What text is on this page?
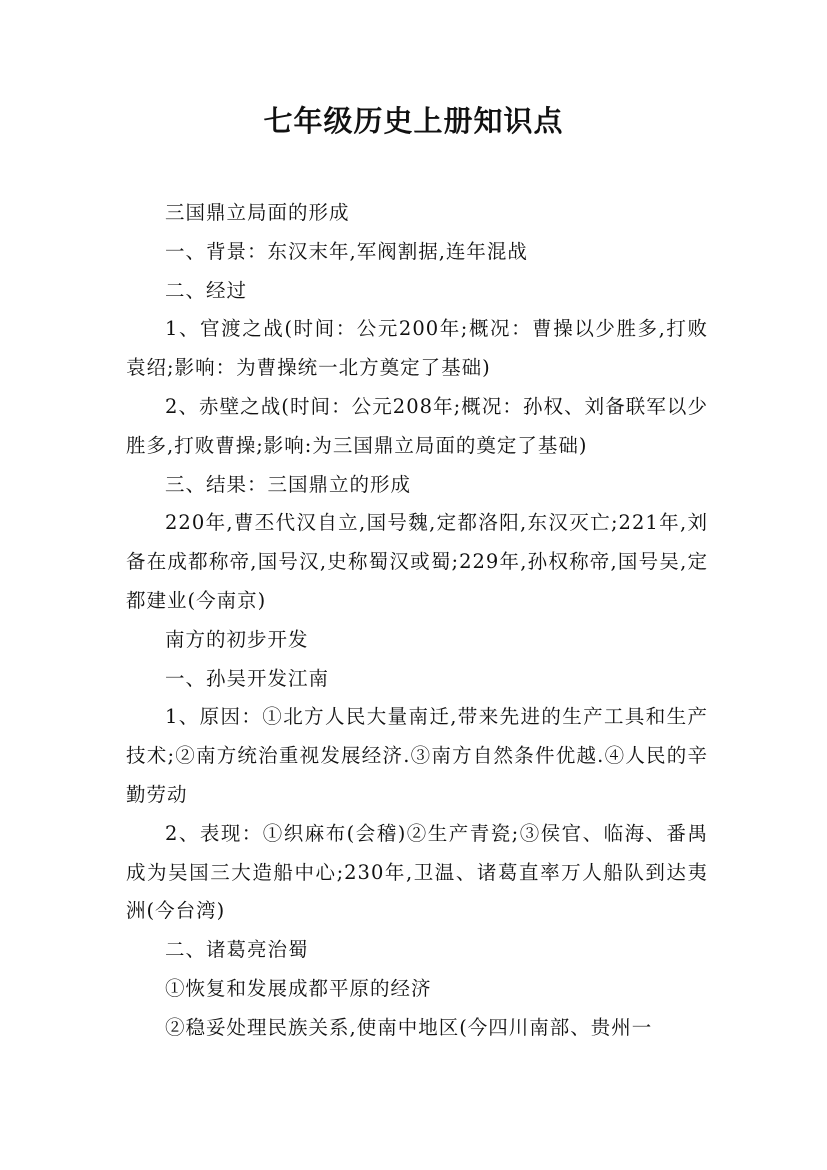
七年级历史上册知识点

三国鼎立局面的形成

一、背景：东汉末年,军阀割据,连年混战

二、经过

1、官渡之战(时间：公元200年;概况：曹操以少胜多,打败袁绍;影响：为曹操统一北方奠定了基础)

2、赤壁之战(时间：公元208年;概况：孙权、刘备联军以少胜多,打败曹操;影响:为三国鼎立局面的奠定了基础)

三、结果：三国鼎立的形成

220年,曹丕代汉自立,国号魏,定都洛阳,东汉灭亡;221年,刘备在成都称帝,国号汉,史称蜀汉或蜀;229年,孙权称帝,国号吴,定都建业(今南京)

南方的初步开发

一、孙吴开发江南

1、原因：①北方人民大量南迁,带来先进的生产工具和生产技术;②南方统治重视发展经济.③南方自然条件优越.④人民的辛勤劳动

2、表现：①织麻布(会稽)②生产青瓷;③侯官、临海、番禺成为吴国三大造船中心;230年,卫温、诸葛直率万人船队到达夷洲(今台湾)

二、诸葛亮治蜀

①恢复和发展成都平原的经济

②稳妥处理民族关系,使南中地区(今四川南部、贵州一
